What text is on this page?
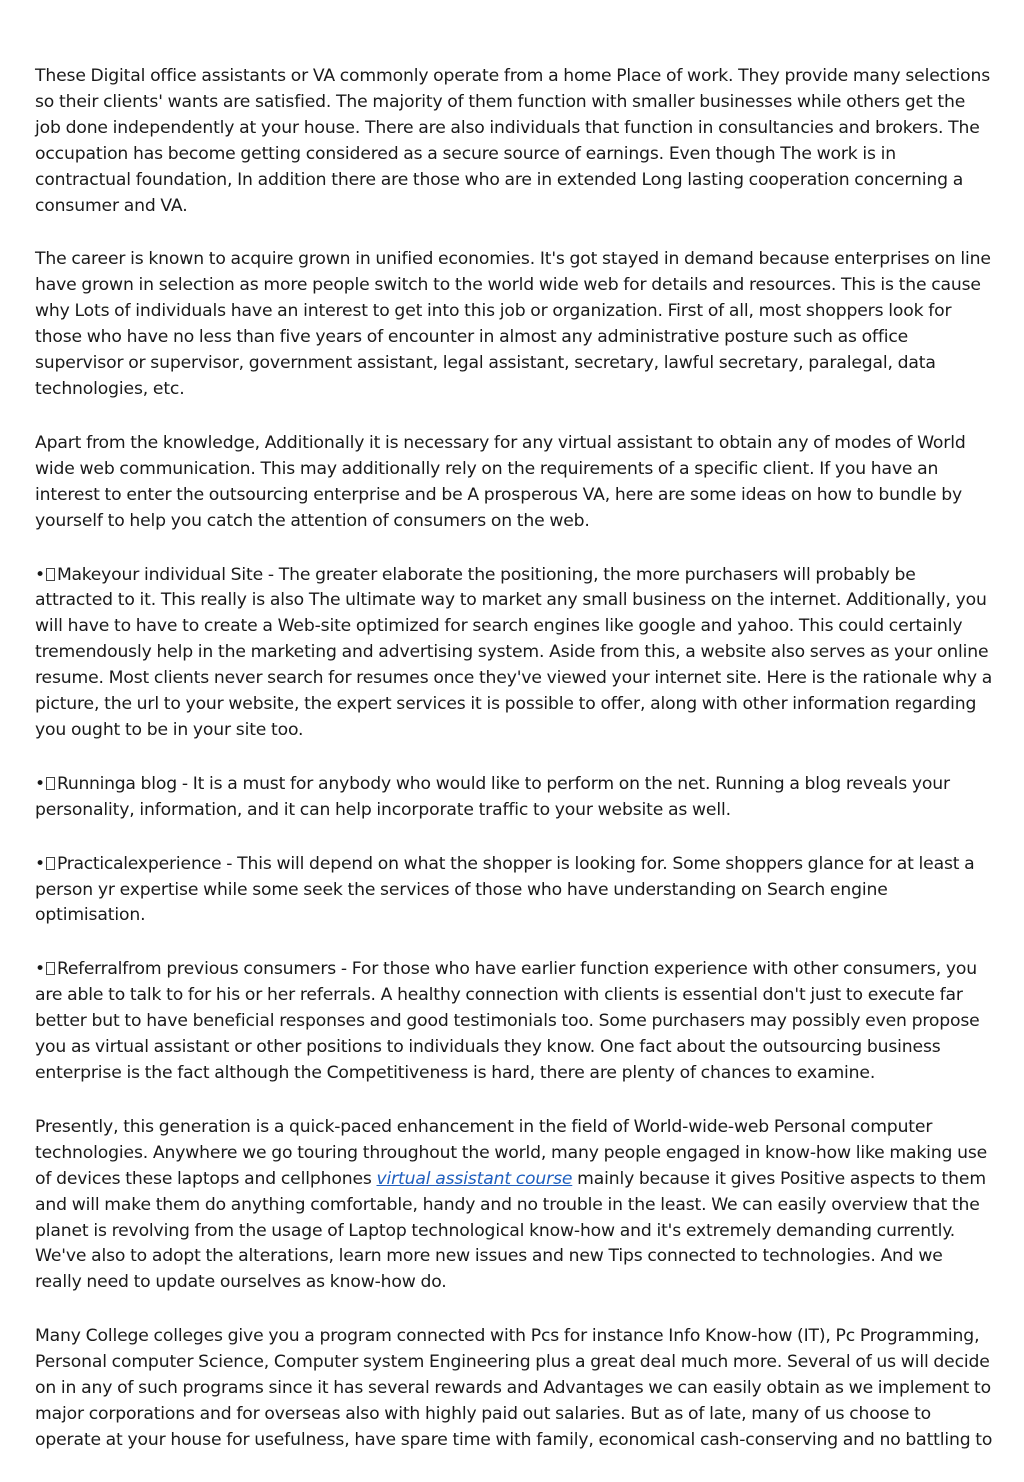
These Digital office assistants or VA commonly operate from a home Place of work. They provide many selections so their clients' wants are satisfied. The majority of them function with smaller businesses while others get the job done independently at your house. There are also individuals that function in consultancies and brokers. The occupation has become getting considered as a secure source of earnings. Even though The work is in contractual foundation, In addition there are those who are in extended Long lasting cooperation concerning a consumer and VA.

The career is known to acquire grown in unified economies. It's got stayed in demand because enterprises on line have grown in selection as more people switch to the world wide web for details and resources. This is the cause why Lots of individuals have an interest to get into this job or organization. First of all, most shoppers look for those who have no less than five years of encounter in almost any administrative posture such as office supervisor or supervisor, government assistant, legal assistant, secretary, lawful secretary, paralegal, data technologies, etc.

Apart from the knowledge, Additionally it is necessary for any virtual assistant to obtain any of modes of World wide web communication. This may additionally rely on the requirements of a specific client. If you have an interest to enter the outsourcing enterprise and be A prosperous VA, here are some ideas on how to bundle by yourself to help you catch the attention of consumers on the web.

• Makeyour individual Site - The greater elaborate the positioning, the more purchasers will probably be attracted to it. This really is also The ultimate way to market any small business on the internet. Additionally, you will have to have to create a Web-site optimized for search engines like google and yahoo. This could certainly tremendously help in the marketing and advertising system. Aside from this, a website also serves as your online resume. Most clients never search for resumes once they've viewed your internet site. Here is the rationale why a picture, the url to your website, the expert services it is possible to offer, along with other information regarding you ought to be in your site too.

• Runninga blog - It is a must for anybody who would like to perform on the net. Running a blog reveals your personality, information, and it can help incorporate traffic to your website as well.

• Practicalexperience - This will depend on what the shopper is looking for. Some shoppers glance for at least a person yr expertise while some seek the services of those who have understanding on Search engine optimisation.

• Referralfrom previous consumers - For those who have earlier function experience with other consumers, you are able to talk to for his or her referrals. A healthy connection with clients is essential don't just to execute far better but to have beneficial responses and good testimonials too. Some purchasers may possibly even propose you as virtual assistant or other positions to individuals they know. One fact about the outsourcing business enterprise is the fact although the Competitiveness is hard, there are plenty of chances to examine.

Presently, this generation is a quick-paced enhancement in the field of World-wide-web Personal computer technologies. Anywhere we go touring throughout the world, many people engaged in know-how like making use of devices these laptops and cellphones virtual assistant course mainly because it gives Positive aspects to them and will make them do anything comfortable, handy and no trouble in the least. We can easily overview that the planet is revolving from the usage of Laptop technological know-how and it's extremely demanding currently. We've also to adopt the alterations, learn more new issues and new Tips connected to technologies. And we really need to update ourselves as know-how do.

Many College colleges give you a program connected with Pcs for instance Info Know-how (IT), Pc Programming, Personal computer Science, Computer system Engineering plus a great deal much more. Several of us will decide on in any of such programs since it has several rewards and Advantages we can easily obtain as we implement to major corporations and for overseas also with highly paid out salaries. But as of late, many of us choose to operate at your house for usefulness, have spare time with family, economical cash-conserving and no battling to
